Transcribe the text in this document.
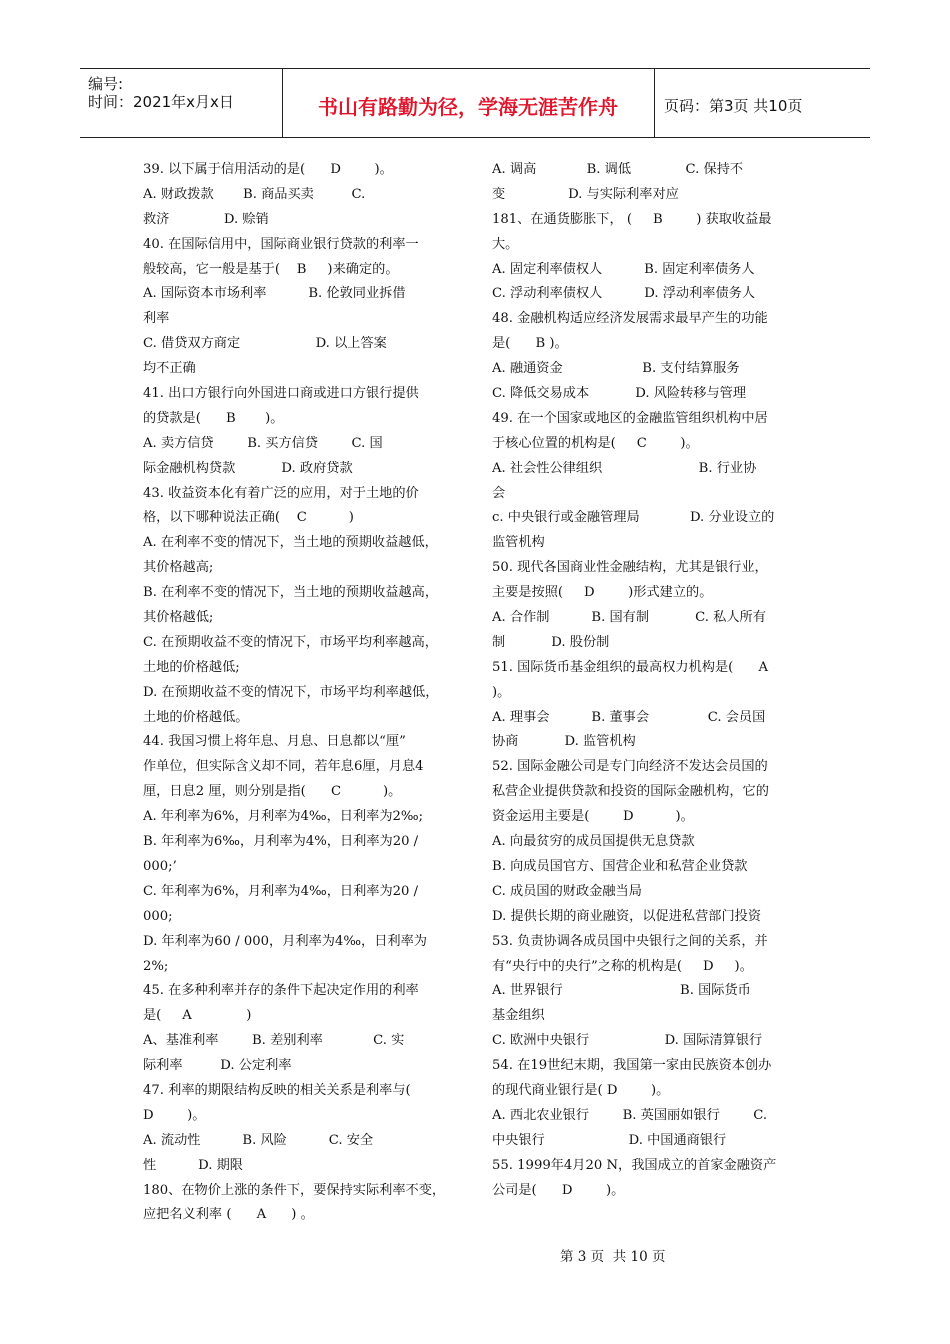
编号:
时间：2021年x月x日	书山有路勤为径，学海无涯苦作舟	页码：第3页 共10页
39. 以下属于信用活动的是(      D        )。
A. 财政拨款       B. 商品买卖         C.
救济             D. 赊销
40. 在国际信用中，国际商业银行贷款的利率一
般较高，它一般是基于(    B     )来确定的。
A. 国际资本市场利率          B. 伦敦同业拆借
利率
C. 借贷双方商定                  D. 以上答案
均不正确
41. 出口方银行向外国进口商或进口方银行提供
的贷款是(      B       )。
A. 卖方信贷        B. 买方信贷        C. 国
际金融机构贷款           D. 政府贷款
43. 收益资本化有着广泛的应用，对于土地的价
格，以下哪种说法正确(    C          )
A. 在利率不变的情况下，当土地的预期收益越低，
其价格越高;
B. 在利率不变的情况下，当土地的预期收益越高，
其价格越低;
C. 在预期收益不变的情况下，市场平均利率越高，
土地的价格越低;
D. 在预期收益不变的情况下，市场平均利率越低，
土地的价格越低。
44. 我国习惯上将年息、月息、日息都以“厘”
作单位，但实际含义却不同，若年息6厘，月息4
厘，日息2 厘，则分别是指(      C          )。
A. 年利率为6%，月利率为4‰，日利率为2‰;
B. 年利率为6‰，月利率为4%，日利率为20 /
000;’
C. 年利率为6%，月利率为4‰，日利率为20 /
000;
D. 年利率为60 / 000，月利率为4‰，日利率为
2%;
45. 在多种利率并存的条件下起决定作用的利率
是(     A             )
A、基准利率        B. 差别利率            C. 实
际利率         D. 公定利率
47. 利率的期限结构反映的相关关系是利率与(
D        )。
A. 流动性          B. 风险          C. 安全
性          D. 期限
180、在物价上涨的条件下，要保持实际利率不变，
应把名义利率 (      A      ) 。
A. 调高            B. 调低             C. 保持不
变               D. 与实际利率对应
181、在通货膨胀下， (     B        ) 获取收益最
大。
A. 固定利率债权人          B. 固定利率债务人
C. 浮动利率债权人          D. 浮动利率债务人
48. 金融机构适应经济发展需求最早产生的功能
是(      B )。
A. 融通资金                   B. 支付结算服务
C. 降低交易成本           D. 风险转移与管理
49. 在一个国家或地区的金融监管组织机构中居
于核心位置的机构是(     C        )。
A. 社会性公律组织                       B. 行业协
会
c. 中央银行或金融管理局            D. 分业设立的
监管机构
50. 现代各国商业性金融结构，尤其是银行业，
主要是按照(     D        )形式建立的。
A. 合作制          B. 国有制           C. 私人所有
制           D. 股份制
51. 国际货币基金组织的最高权力机构是(      A
)。
A. 理事会          B. 董事会              C. 会员国
协商           D. 监管机构
52. 国际金融公司是专门向经济不发达会员国的
私营企业提供贷款和投资的国际金融机构，它的
资金运用主要是(        D          )。
A. 向最贫穷的成员国提供无息贷款
B. 向成员国官方、国营企业和私营企业贷款
C. 成员国的财政金融当局
D. 提供长期的商业融资，以促进私营部门投资
53. 负责协调各成员国中央银行之间的关系，并
有“央行中的央行”之称的机构是(     D     )。
A. 世界银行                            B. 国际货币
基金组织
C. 欧洲中央银行                  D. 国际清算银行
54. 在19世纪末期，我国第一家由民族资本创办
的现代商业银行是( D        )。
A. 西北农业银行        B. 英国丽如银行        C.
中央银行                    D. 中国通商银行
55. 1999年4月20 N，我国成立的首家金融资产
公司是(      D        )。
第 3 页  共 10 页
